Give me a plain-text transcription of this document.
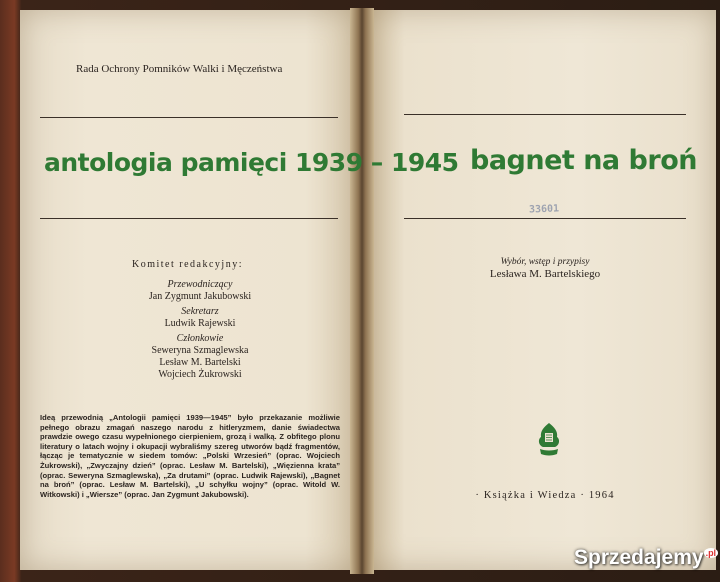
Rada Ochrony Pomników Walki i Męczeństwa
antologia pamięci 1939 – 1945
Komitet redakcyjny:
Przewodniczący
Jan Zygmunt Jakubowski
Sekretarz
Ludwik Rajewski
Członkowie
Seweryna Szmaglewska
Lesław M. Bartelski
Wojciech Żukrowski
Ideą przewodnią „Antologii pamięci 1939—1945” było przekazanie możliwie pełnego obrazu zmagań naszego narodu z hitleryzmem, danie świadectwa prawdzie owego czasu wypełnionego cierpieniem, grozą i walką. Z obfitego plonu literatury o latach wojny i okupacji wybraliśmy szereg utworów bądź fragmentów, łącząc je tematycznie w siedem tomów: „Polski Wrzesień” (oprac. Wojciech Żukrowski), „Zwyczajny dzień” (oprac. Lesław M. Bartelski), „Więzienna krata” (oprac. Seweryna Szmaglewska), „Za drutami” (oprac. Ludwik Rajewski), „Bagnet na broń” (oprac. Lesław M. Bartelski), „U schyłku wojny” (oprac. Witold W. Witkowski) i „Wiersze” (oprac. Jan Zygmunt Jakubowski).
bagnet na broń
33601
Wybór, wstęp i przypisy
Lesława M. Bartelskiego
· Książka i Wiedza · 1964
Sprzedajemy $^{.pl}$
